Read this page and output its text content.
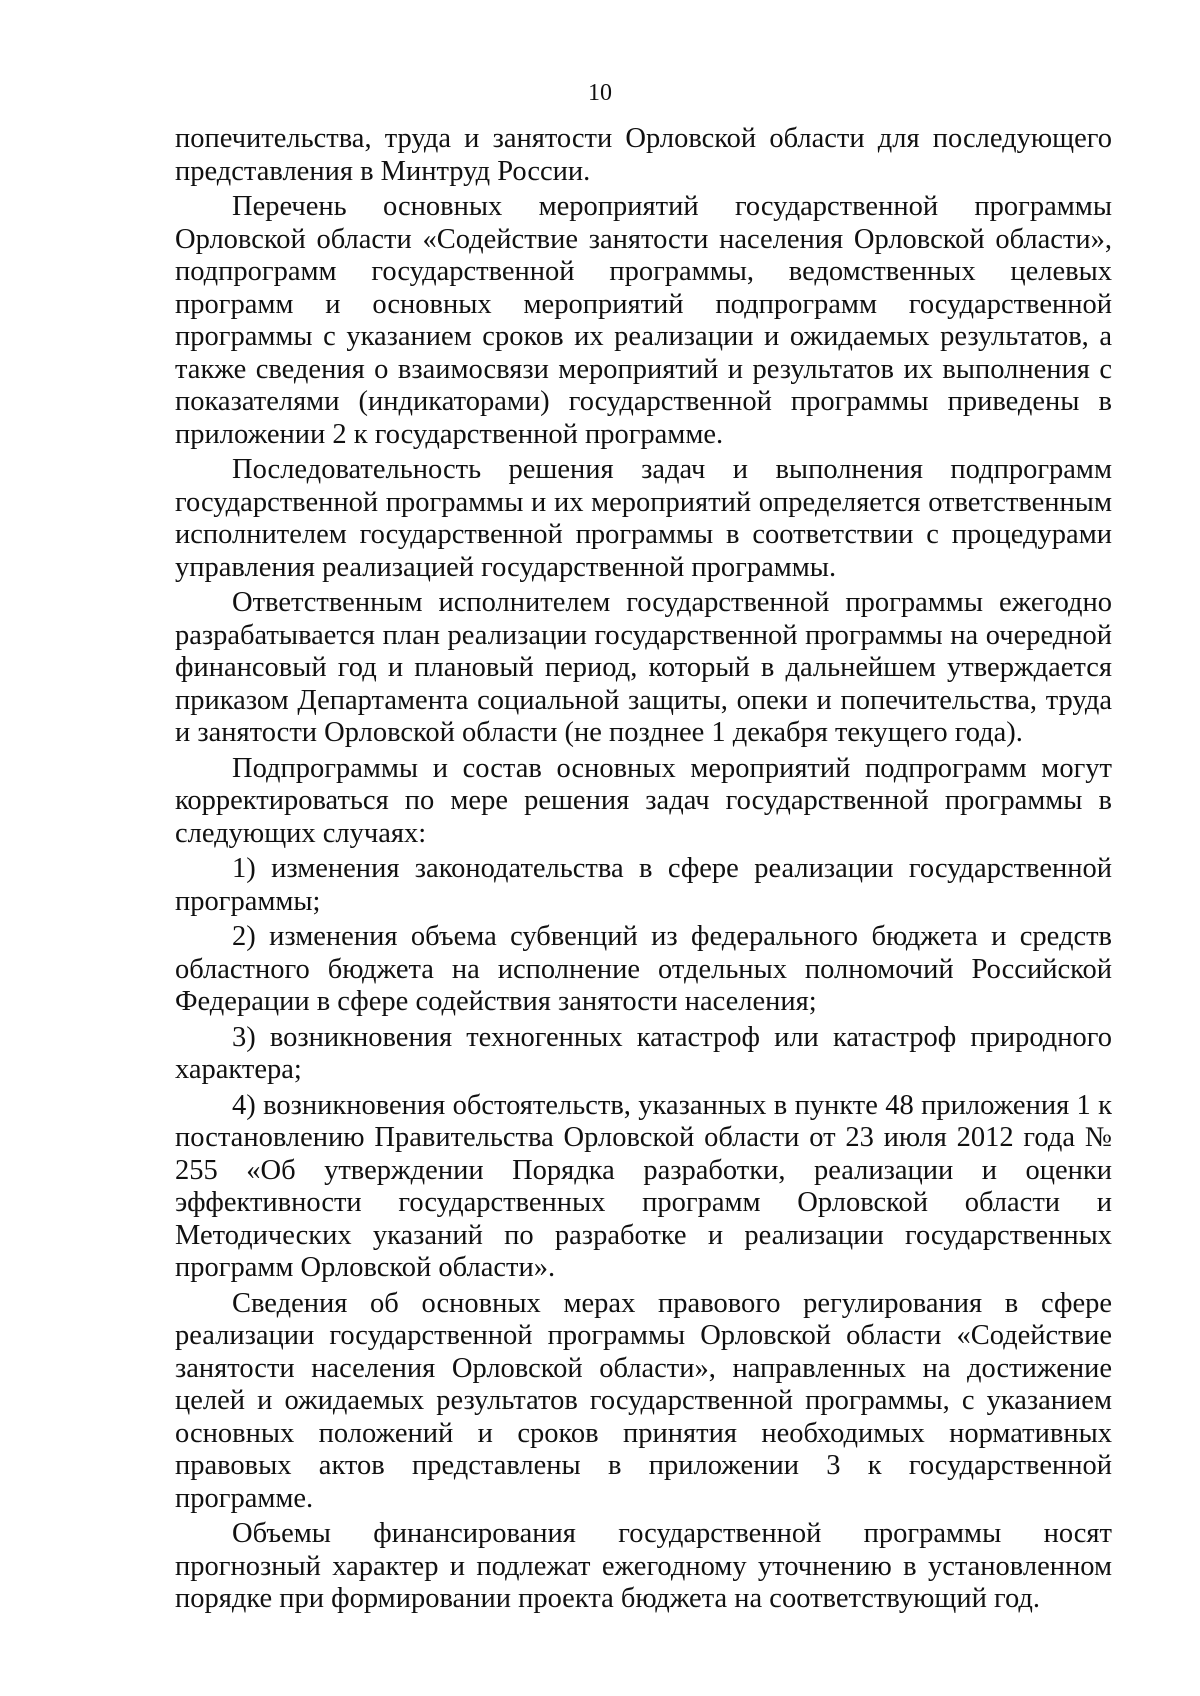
10

попечительства, труда и занятости Орловской области для последующего представления в Минтруд России.

Перечень основных мероприятий государственной программы Орловской области «Содействие занятости населения Орловской области», подпрограмм государственной программы, ведомственных целевых программ и основных мероприятий подпрограмм государственной программы с указанием сроков их реализации и ожидаемых результатов, а также сведения о взаимосвязи мероприятий и результатов их выполнения с показателями (индикаторами) государственной программы приведены в приложении 2 к государственной программе.

Последовательность решения задач и выполнения подпрограмм государственной программы и их мероприятий определяется ответственным исполнителем государственной программы в соответствии с процедурами управления реализацией государственной программы.

Ответственным исполнителем государственной программы ежегодно разрабатывается план реализации государственной программы на очередной финансовый год и плановый период, который в дальнейшем утверждается приказом Департамента социальной защиты, опеки и попечительства, труда и занятости Орловской области (не позднее 1 декабря текущего года).

Подпрограммы и состав основных мероприятий подпрограмм могут корректироваться по мере решения задач государственной программы в следующих случаях:

1) изменения законодательства в сфере реализации государственной программы;

2) изменения объема субвенций из федерального бюджета и средств областного бюджета на исполнение отдельных полномочий Российской Федерации в сфере содействия занятости населения;

3) возникновения техногенных катастроф или катастроф природного характера;

4) возникновения обстоятельств, указанных в пункте 48 приложения 1 к постановлению Правительства Орловской области от 23 июля 2012 года № 255 «Об утверждении Порядка разработки, реализации и оценки эффективности государственных программ Орловской области и Методических указаний по разработке и реализации государственных программ Орловской области».

Сведения об основных мерах правового регулирования в сфере реализации государственной программы Орловской области «Содействие занятости населения Орловской области», направленных на достижение целей и ожидаемых результатов государственной программы, с указанием основных положений и сроков принятия необходимых нормативных правовых актов представлены в приложении 3 к государственной программе.

Объемы финансирования государственной программы носят прогнозный характер и подлежат ежегодному уточнению в установленном порядке при формировании проекта бюджета на соответствующий год.
